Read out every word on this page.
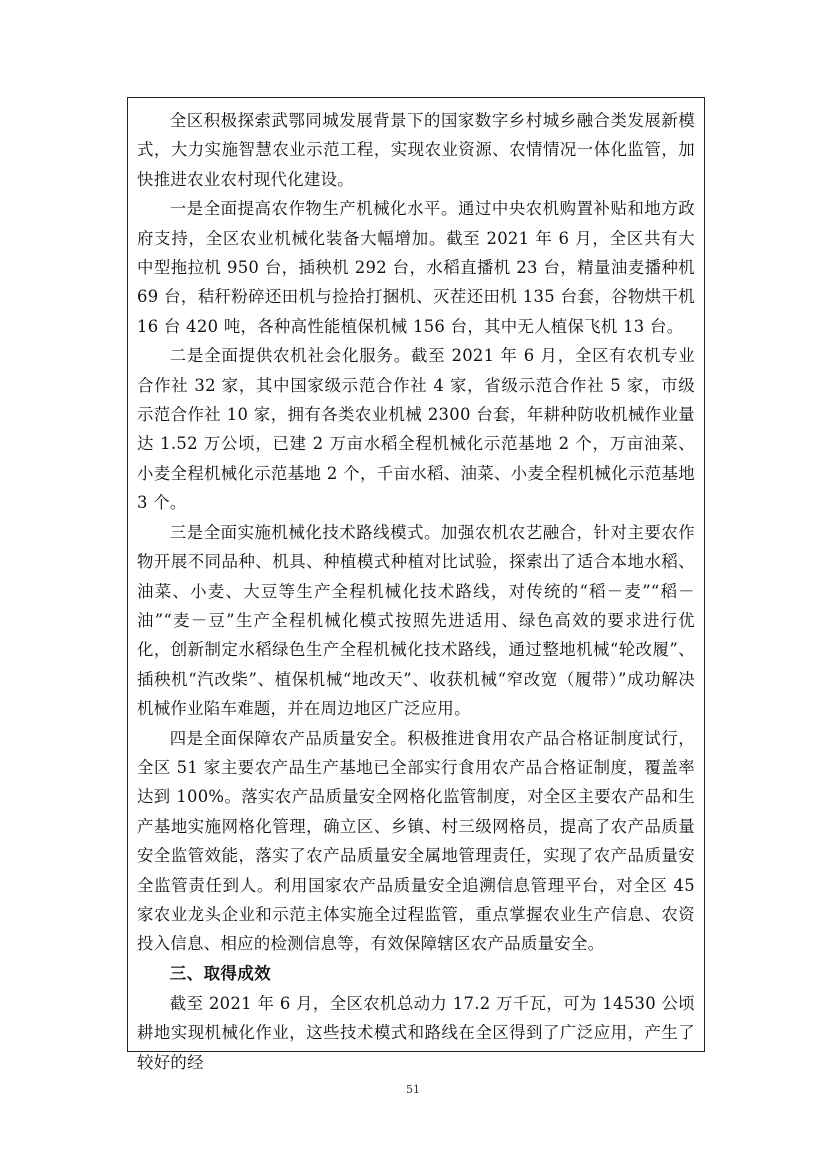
全区积极探索武鄂同城发展背景下的国家数字乡村城乡融合类发展新模式，大力实施智慧农业示范工程，实现农业资源、农情情况一体化监管，加快推进农业农村现代化建设。

一是全面提高农作物生产机械化水平。通过中央农机购置补贴和地方政府支持，全区农业机械化装备大幅增加。截至 2021 年 6 月，全区共有大中型拖拉机 950 台，插秧机 292 台，水稻直播机 23 台，精量油麦播种机 69 台，秸秆粉碎还田机与捡拾打捆机、灭茬还田机 135 台套，谷物烘干机 16 台 420 吨，各种高性能植保机械 156 台，其中无人植保飞机 13 台。

二是全面提供农机社会化服务。截至 2021 年 6 月，全区有农机专业合作社 32 家，其中国家级示范合作社 4 家，省级示范合作社 5 家，市级示范合作社 10 家，拥有各类农业机械 2300 台套，年耕种防收机械作业量达 1.52 万公顷，已建 2 万亩水稻全程机械化示范基地 2 个，万亩油菜、小麦全程机械化示范基地 2 个，千亩水稻、油菜、小麦全程机械化示范基地 3 个。

三是全面实施机械化技术路线模式。加强农机农艺融合，针对主要农作物开展不同品种、机具、种植模式种植对比试验，探索出了适合本地水稻、油菜、小麦、大豆等生产全程机械化技术路线，对传统的“稻－麦”“稻－油”“麦－豆”生产全程机械化模式按照先进适用、绿色高效的要求进行优化，创新制定水稻绿色生产全程机械化技术路线，通过整地机械“轮改履”、插秧机“汽改柴”、植保机械“地改天”、收获机械“窄改宽（履带）”成功解决机械作业陷车难题，并在周边地区广泛应用。

四是全面保障农产品质量安全。积极推进食用农产品合格证制度试行，全区 51 家主要农产品生产基地已全部实行食用农产品合格证制度，覆盖率达到 100%。落实农产品质量安全网格化监管制度，对全区主要农产品和生产基地实施网格化管理，确立区、乡镇、村三级网格员，提高了农产品质量安全监管效能，落实了农产品质量安全属地管理责任，实现了农产品质量安全监管责任到人。利用国家农产品质量安全追溯信息管理平台，对全区 45 家农业龙头企业和示范主体实施全过程监管，重点掌握农业生产信息、农资投入信息、相应的检测信息等，有效保障辖区农产品质量安全。

三、取得成效

截至 2021 年 6 月，全区农机总动力 17.2 万千瓦，可为 14530 公顷耕地实现机械化作业，这些技术模式和路线在全区得到了广泛应用，产生了较好的经

51
